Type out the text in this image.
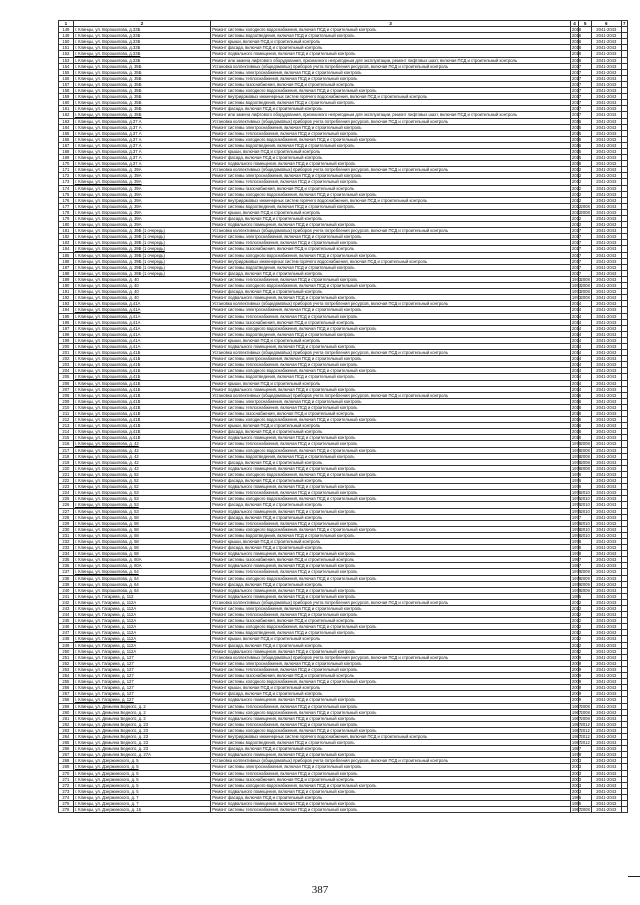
1	2	3	4	5	6	7
148	г. Клинцы, ул. Ворошилова, д.33Б	Ремонт системы холодного водоснабжения, включая ПСД и строительный контроль	2016		2041-2043	
149	г. Клинцы, ул. Ворошилова, д.33Б	Ремонт системы водоотведения, включая ПСД и строительный контроль	2016		2041-2043	
150	г. Клинцы, ул. Ворошилова, д.33Б	Ремонт крыши, включая ПСД и строительный контроль	2016		2041-2043	
151	г. Клинцы, ул. Ворошилова, д.33Б	Ремонт фасада, включая ПСД и строительный контроль	2016		2041-2043	
152	г. Клинцы, ул. Ворошилова, д.33Б	Ремонт подвального помещения, включая ПСД и строительный контроль	2016		2041-2043	
153	г. Клинцы, ул. Ворошилова, д.33Б	Ремонт или замена лифтового оборудования, признанного непригодным для эксплуатации, ремонт лифтовых шахт, включая ПСД и строительный контроль	2016		2041-2043	
154	г. Клинцы, ул. Ворошилова, д. 35Б	Установка коллективных (общедомовых) приборов учета потребления ресурсов, включая ПСД и строительный контроль	2017		2041-2043	
155	г. Клинцы, ул. Ворошилова, д. 35Б	Ремонт системы электроснабжения, включая ПСД и строительный контроль	2017		2041-2043	
156	г. Клинцы, ул. Ворошилова, д. 35Б	Ремонт системы теплоснабжения, включая ПСД и строительный контроль	2017		2041-2043	
157	г. Клинцы, ул. Ворошилова, д. 35Б	Ремонт системы газоснабжения, включая ПСД и строительный контроль	2017		2041-2043	
158	г. Клинцы, ул. Ворошилова, д. 35Б	Ремонт системы холодного водоснабжения, включая ПСД и строительный контроль	2017		2041-2043	
159	г. Клинцы, ул. Ворошилова, д. 35Б	Ремонт внутридомовых инженерных систем горячего водоснабжения, включая ПСД и строительный контроль	2017		2041-2043	
160	г. Клинцы, ул. Ворошилова, д. 35Б	Ремонт системы водоотведения, включая ПСД и строительный контроль	2017		2041-2043	
161	г. Клинцы, ул. Ворошилова, д. 35Б	Ремонт фасада, включая ПСД и строительный контроль	2017		2041-2043	
162	г. Клинцы, ул. Ворошилова, д. 35Б	Ремонт или замена лифтового оборудования, признанного непригодным для эксплуатации, ремонт лифтовых шахт, включая ПСД и строительный контроль	2017		2041-2043	
163	г. Клинцы, ул. Ворошилова, д.37 А	Установка коллективных (общедомовых) приборов учета потребления ресурсов, включая ПСД и строительный контроль	2015		2041-2043	
164	г. Клинцы, ул. Ворошилова, д.37 А	Ремонт системы электроснабжения, включая ПСД и строительный контроль	2015		2041-2043	
165	г. Клинцы, ул. Ворошилова, д.37 А	Ремонт системы теплоснабжения, включая ПСД и строительный контроль	2015		2041-2043	
166	г. Клинцы, ул. Ворошилова, д.37 А	Ремонт системы холодного водоснабжения, включая ПСД и строительный контроль	2015		2041-2043	
167	г. Клинцы, ул. Ворошилова, д.37 А	Ремонт системы водоотведения, включая ПСД и строительный контроль	2015		2041-2043	
168	г. Клинцы, ул. Ворошилова, д.37 А	Ремонт крыши, включая ПСД и строительный контроль	2015		2041-2043	
169	г. Клинцы, ул. Ворошилова, д.37 А	Ремонт фасада, включая ПСД и строительный контроль	2015		2041-2043	
170	г. Клинцы, ул. Ворошилова, д.37 А	Ремонт подвального помещения, включая ПСД и строительный контроль	2015		2041-2043	
171	г. Клинцы, ул. Ворошилова, д. 39А	Установка коллективных (общедомовых) приборов учета потребления ресурсов, включая ПСД и строительный контроль	2012		2041-2043	
172	г. Клинцы, ул. Ворошилова, д. 39А	Ремонт системы электроснабжения, включая ПСД и строительный контроль	2012		2041-2043	
173	г. Клинцы, ул. Ворошилова, д. 39А	Ремонт системы теплоснабжения, включая ПСД и строительный контроль	2012		2041-2043	
174	г. Клинцы, ул. Ворошилова, д. 39А	Ремонт системы газоснабжения, включая ПСД и строительный контроль	2012		2041-2043	
175	г. Клинцы, ул. Ворошилова, д. 39А	Ремонт системы холодного водоснабжения, включая ПСД и строительный контроль	2012		2041-2043	
176	г. Клинцы, ул. Ворошилова, д. 39А	Ремонт внутридомовых инженерных систем горячего водоснабжения, включая ПСД и строительный контроль	2012		2041-2043	
177	г. Клинцы, ул. Ворошилова, д. 39А	Ремонт системы водоотведения, включая ПСД и строительный контроль	2012	2008	2041-2043	
178	г. Клинцы, ул. Ворошилова, д. 39А	Ремонт крыши, включая ПСД и строительный контроль	2012	2008	2041-2043	
179	г. Клинцы, ул. Ворошилова, д. 39А	Ремонт фасада, включая ПСД и строительный контроль	2012		2041-2043	
180	г. Клинцы, ул. Ворошилова, д. 39А	Ремонт подвального помещения, включая ПСД и строительный контроль	2012		2041-2043	
181	г. Клинцы, ул. Ворошилова, д. 39Б (1 очередь)	Установка коллективных (общедомовых) приборов учета потребления ресурсов, включая ПСД и строительный контроль	2017		2041-2043	
182	г. Клинцы, ул. Ворошилова, д. 39Б (1 очередь)	Ремонт системы электроснабжения, включая ПСД и строительный контроль	2017		2041-2043	
183	г. Клинцы, ул. Ворошилова, д. 39Б (1 очередь)	Ремонт системы теплоснабжения, включая ПСД и строительный контроль	2017		2041-2043	
184	г. Клинцы, ул. Ворошилова, д. 39Б (1 очередь)	Ремонт системы газоснабжения, включая ПСД и строительный контроль	2017		2041-2043	
185	г. Клинцы, ул. Ворошилова, д. 39Б (1 очередь)	Ремонт системы холодного водоснабжения, включая ПСД и строительный контроль	2017		2041-2043	
186	г. Клинцы, ул. Ворошилова, д. 39Б (1 очередь)	Ремонт внутридомовых инженерных систем горячего водоснабжения, включая ПСД и строительный контроль	2017		2041-2043	
187	г. Клинцы, ул. Ворошилова, д. 39Б (1 очередь)	Ремонт системы водоотведения, включая ПСД и строительный контроль	2017		2041-2043	
188	г. Клинцы, ул. Ворошилова, д. 39Б (1 очередь)	Ремонт фасада, включая ПСД и строительный контроль	2017		2041-2043	
189	г. Клинцы, ул. Ворошилова, д. 40	Ремонт системы теплоснабжения, включая ПСД и строительный контроль	1973	2008	2041-2043	
190	г. Клинцы, ул. Ворошилова, д. 40	Ремонт системы холодного водоснабжения, включая ПСД и строительный контроль	1973	2008	2041-2043	
191	г. Клинцы, ул. Ворошилова, д. 40	Ремонт фасада, включая ПСД и строительный контроль	1973	2008	2041-2043	
192	г. Клинцы, ул. Ворошилова, д. 40	Ремонт подвального помещения, включая ПСД и строительный контроль	1973	2008	2041-2043	
193	г. Клинцы, ул. Ворошилова, д.41А	Установка коллективных (общедомовых) приборов учета потребления ресурсов, включая ПСД и строительный контроль	2014		2041-2043	
194	г. Клинцы, ул. Ворошилова, д.41А	Ремонт системы электроснабжения, включая ПСД и строительный контроль	2014		2041-2043	
195	г. Клинцы, ул. Ворошилова, д.41А	Ремонт системы теплоснабжения, включая ПСД и строительный контроль	2014		2041-2043	
196	г. Клинцы, ул. Ворошилова, д.41А	Ремонт системы газоснабжения, включая ПСД и строительный контроль	2014		2041-2043	
197	г. Клинцы, ул. Ворошилова, д.41А	Ремонт системы холодного водоснабжения, включая ПСД и строительный контроль	2014		2041-2043	
198	г. Клинцы, ул. Ворошилова, д.41А	Ремонт системы водоотведения, включая ПСД и строительный контроль	2014		2041-2043	
199	г. Клинцы, ул. Ворошилова, д.41А	Ремонт крыши, включая ПСД и строительный контроль	2014		2041-2043	
200	г. Клинцы, ул. Ворошилова, д.41А	Ремонт подвального помещения, включая ПСД и строительный контроль	2014		2041-2043	
201	г. Клинцы, ул. Ворошилова, д.41Б	Установка коллективных (общедомовых) приборов учета потребления ресурсов, включая ПСД и строительный контроль	2014		2041-2043	
202	г. Клинцы, ул. Ворошилова, д.41Б	Ремонт системы электроснабжения, включая ПСД и строительный контроль	2014		2041-2043	
203	г. Клинцы, ул. Ворошилова, д.41Б	Ремонт системы теплоснабжения, включая ПСД и строительный контроль	2014		2041-2043	
204	г. Клинцы, ул. Ворошилова, д.41Б	Ремонт системы холодного водоснабжения, включая ПСД и строительный контроль	2014		2041-2043	
205	г. Клинцы, ул. Ворошилова, д.41Б	Ремонт системы водоотведения, включая ПСД и строительный контроль	2014		2041-2043	
206	г. Клинцы, ул. Ворошилова, д.41Б	Ремонт крыши, включая ПСД и строительный контроль	2014		2041-2043	
207	г. Клинцы, ул. Ворошилова, д.41Б	Ремонт подвального помещения, включая ПСД и строительный контроль	2014		2041-2043	
208	г. Клинцы, ул. Ворошилова, д.41В	Установка коллективных (общедомовых) приборов учета потребления ресурсов, включая ПСД и строительный контроль	2016		2041-2043	
209	г. Клинцы, ул. Ворошилова, д.41В	Ремонт системы электроснабжения, включая ПСД и строительный контроль	2016		2041-2043	
210	г. Клинцы, ул. Ворошилова, д.41В	Ремонт системы теплоснабжения, включая ПСД и строительный контроль	2016		2041-2043	
211	г. Клинцы, ул. Ворошилова, д.41В	Ремонт системы газоснабжения, включая ПСД и строительный контроль	2016		2041-2043	
212	г. Клинцы, ул. Ворошилова, д.41В	Ремонт системы холодного водоснабжения, включая ПСД и строительный контроль	2016		2041-2043	
213	г. Клинцы, ул. Ворошилова, д.41В	Ремонт крыши, включая ПСД и строительный контроль	2016		2041-2043	
214	г. Клинцы, ул. Ворошилова, д.41В	Ремонт фасада, включая ПСД и строительный контроль	2016		2041-2043	
215	г. Клинцы, ул. Ворошилова, д.41В	Ремонт подвального помещения, включая ПСД и строительный контроль	2016		2041-2043	
216	г. Клинцы, ул. Ворошилова, д. 42	Ремонт системы теплоснабжения, включая ПСД и строительный контроль	1978	2008	2041-2043	
217	г. Клинцы, ул. Ворошилова, д. 42	Ремонт системы холодного водоснабжения, включая ПСД и строительный контроль	1978	2008	2041-2043	
218	г. Клинцы, ул. Ворошилова, д. 42	Ремонт системы водоотведения, включая ПСД и строительный контроль	1978	2008	2041-2043	
219	г. Клинцы, ул. Ворошилова, д. 42	Ремонт фасада, включая ПСД и строительный контроль	1978	2008	2041-2043	
220	г. Клинцы, ул. Ворошилова, д. 42	Ремонт подвального помещения, включая ПСД и строительный контроль	1978	2008	2041-2043	
221	г. Клинцы, ул. Ворошилова, д. 52	Ремонт системы холодного водоснабжения, включая ПСД и строительный контроль	1976		2041-2043	
222	г. Клинцы, ул. Ворошилова, д. 52	Ремонт фасада, включая ПСД и строительный контроль	1976		2041-2043	
223	г. Клинцы, ул. Ворошилова, д. 52	Ремонт подвального помещения, включая ПСД и строительный контроль	1976		2041-2043	
224	г. Клинцы, ул. Ворошилова, д. 53	Ремонт системы теплоснабжения, включая ПСД и строительный контроль	1975	2010	2041-2043	
225	г. Клинцы, ул. Ворошилова, д. 53	Ремонт системы холодного водоснабжения, включая ПСД и строительный контроль	1975	2010	2041-2043	
226	г. Клинцы, ул. Ворошилова, д. 53	Ремонт фасада, включая ПСД и строительный контроль	1975	2010	2041-2043	
227	г. Клинцы, ул. Ворошилова, д. 53	Ремонт подвального помещения, включая ПСД и строительный контроль	1975	2010	2041-2043	
228	г. Клинцы, ул. Ворошилова, д. 58	Ремонт фасада, включая ПСД и строительный контроль	1977		2041-2043	
229	г. Клинцы, ул. Ворошилова, д. 58	Ремонт системы теплоснабжения, включая ПСД и строительный контроль	1978	2010	2041-2043	
230	г. Клинцы, ул. Ворошилова, д. 58	Ремонт системы холодного водоснабжения, включая ПСД и строительный контроль	1978	2010	2041-2043	
231	г. Клинцы, ул. Ворошилова, д. 58	Ремонт системы водоотведения, включая ПСД и строительный контроль	1978	2010	2041-2043	
232	г. Клинцы, ул. Ворошилова, д. 58	Ремонт крыши, включая ПСД и строительный контроль	1978		2041-2043	
233	г. Клинцы, ул. Ворошилова, д. 58	Ремонт фасада, включая ПСД и строительный контроль	1978		2041-2043	
234	г. Клинцы, ул. Ворошилова, д. 58	Ремонт подвального помещения, включая ПСД и строительный контроль	1978		2041-2043	
235	г. Клинцы, ул. Ворошилова, д. 60А	Ремонт системы газоснабжения, включая ПСД и строительный контроль	1997		2041-2043	
236	г. Клинцы, ул. Ворошилова, д. 60А	Ремонт подвального помещения, включая ПСД и строительный контроль	1997		2041-2043	
237	г. Клинцы, ул. Ворошилова, д. 64	Ремонт системы теплоснабжения, включая ПСД и строительный контроль	1979	2009	2041-2043	
238	г. Клинцы, ул. Ворошилова, д. 64	Ремонт системы холодного водоснабжения, включая ПСД и строительный контроль	1979	2009	2041-2043	
239	г. Клинцы, ул. Ворошилова, д. 64	Ремонт фасада, включая ПСД и строительный контроль	1979	2009	2041-2043	
240	г. Клинцы, ул. Ворошилова, д. 64	Ремонт подвального помещения, включая ПСД и строительный контроль	1979	2009	2041-2043	
241	г. Клинцы, ул. Гагарина, д. 112	Ремонт подвального помещения, включая ПСД и строительный контроль	1985		2041-2043	
242	г. Клинцы, ул. Гагарина, д. 112А	Установка коллективных (общедомовых) приборов учета потребления ресурсов, включая ПСД и строительный контроль	2012		2041-2043	
243	г. Клинцы, ул. Гагарина, д. 112А	Ремонт системы электроснабжения, включая ПСД и строительный контроль	2012		2041-2043	
244	г. Клинцы, ул. Гагарина, д. 112А	Ремонт системы теплоснабжения, включая ПСД и строительный контроль	2012		2041-2043	
245	г. Клинцы, ул. Гагарина, д. 112А	Ремонт системы газоснабжения, включая ПСД и строительный контроль	2012		2041-2043	
246	г. Клинцы, ул. Гагарина, д. 112А	Ремонт системы холодного водоснабжения, включая ПСД и строительный контроль	2012		2041-2043	
247	г. Клинцы, ул. Гагарина, д. 112А	Ремонт системы водоотведения, включая ПСД и строительный контроль	2012		2041-2043	
248	г. Клинцы, ул. Гагарина, д. 112А	Ремонт крыши, включая ПСД и строительный контроль	2012		2041-2043	
249	г. Клинцы, ул. Гагарина, д. 112А	Ремонт фасада, включая ПСД и строительный контроль	2012		2041-2043	
250	г. Клинцы, ул. Гагарина, д. 112А	Ремонт подвального помещения, включая ПСД и строительный контроль	2012		2041-2043	
251	г. Клинцы, ул. Гагарина, д. 127	Установка коллективных (общедомовых) приборов учета потребления ресурсов, включая ПСД и строительный контроль	2009		2041-2043	
252	г. Клинцы, ул. Гагарина, д. 127	Ремонт системы электроснабжения, включая ПСД и строительный контроль	2009		2041-2043	
253	г. Клинцы, ул. Гагарина, д. 127	Ремонт системы теплоснабжения, включая ПСД и строительный контроль	2009		2041-2043	
254	г. Клинцы, ул. Гагарина, д. 127	Ремонт системы газоснабжения, включая ПСД и строительный контроль	2009		2041-2043	
255	г. Клинцы, ул. Гагарина, д. 127	Ремонт системы холодного водоснабжения, включая ПСД и строительный контроль	2009		2041-2043	
256	г. Клинцы, ул. Гагарина, д. 127	Ремонт крыши, включая ПСД и строительный контроль	2009		2041-2043	
257	г. Клинцы, ул. Гагарина, д. 127	Ремонт фасада, включая ПСД и строительный контроль	2009		2041-2043	
258	г. Клинцы, ул. Гагарина, д. 127	Ремонт подвального помещения, включая ПСД и строительный контроль	2009		2041-2043	
259	г. Клинцы, ул. Демьяна Бедного, д. 2	Ремонт системы теплоснабжения, включая ПСД и строительный контроль	1967	2008	2041-2043	
260	г. Клинцы, ул. Демьяна Бедного, д. 2	Ремонт системы холодного водоснабжения, включая ПСД и строительный контроль	1967	2008	2041-2043	
261	г. Клинцы, ул. Демьяна Бедного, д. 2	Ремонт подвального помещения, включая ПСД и строительный контроль	1967	2008	2041-2043	
262	г. Клинцы, ул. Демьяна Бедного, д. 23	Ремонт системы теплоснабжения, включая ПСД и строительный контроль	1987	2012	2041-2043	
263	г. Клинцы, ул. Демьяна Бедного, д. 23	Ремонт системы холодного водоснабжения, включая ПСД и строительный контроль	1987	2012	2041-2043	
264	г. Клинцы, ул. Демьяна Бедного, д. 23	Ремонт внутридомовых инженерных систем горячего водоснабжения, включая ПСД и строительный контроль	1987	2012	2041-2043	
265	г. Клинцы, ул. Демьяна Бедного, д. 23	Ремонт системы водоотведения, включая ПСД и строительный контроль	1987	2012	2041-2043	
266	г. Клинцы, ул. Демьяна Бедного, д. 23	Ремонт фасада, включая ПСД и строительный контроль	1987		2041-2043	
267	г. Клинцы, ул. Демьяна Бедного, д. 27А	Ремонт подвального помещения, включая ПСД и строительный контроль	1978		2041-2043	
268	г. Клинцы, ул. Дзержинского, д. 5	Установка коллективных (общедомовых) приборов учета потребления ресурсов, включая ПСД и строительный контроль	2003		2041-2043	
269	г. Клинцы, ул. Дзержинского, д. 5	Ремонт системы электроснабжения, включая ПСД и строительный контроль	2003		2041-2043	
270	г. Клинцы, ул. Дзержинского, д. 5	Ремонт системы теплоснабжения, включая ПСД и строительный контроль	2003		2041-2043	
271	г. Клинцы, ул. Дзержинского, д. 5	Ремонт системы газоснабжения, включая ПСД и строительный контроль	2003		2041-2043	
272	г. Клинцы, ул. Дзержинского, д. 5	Ремонт системы холодного водоснабжения, включая ПСД и строительный контроль	2003		2041-2043	
273	г. Клинцы, ул. Дзержинского, д. 5	Ремонт подвального помещения, включая ПСД и строительный контроль	2003		2041-2043	
274	г. Клинцы, ул. Дзержинского, д. 7	Ремонт фасада, включая ПСД и строительный контроль	1985		2041-2043	
275	г. Клинцы, ул. Дзержинского, д. 7	Ремонт подвального помещения, включая ПСД и строительный контроль	1985		2041-2043	
276	г. Клинцы, ул. Дзержинского, д. 15	Ремонт системы теплоснабжения, включая ПСД и строительный контроль	1957	2008	2041-2043	
387
